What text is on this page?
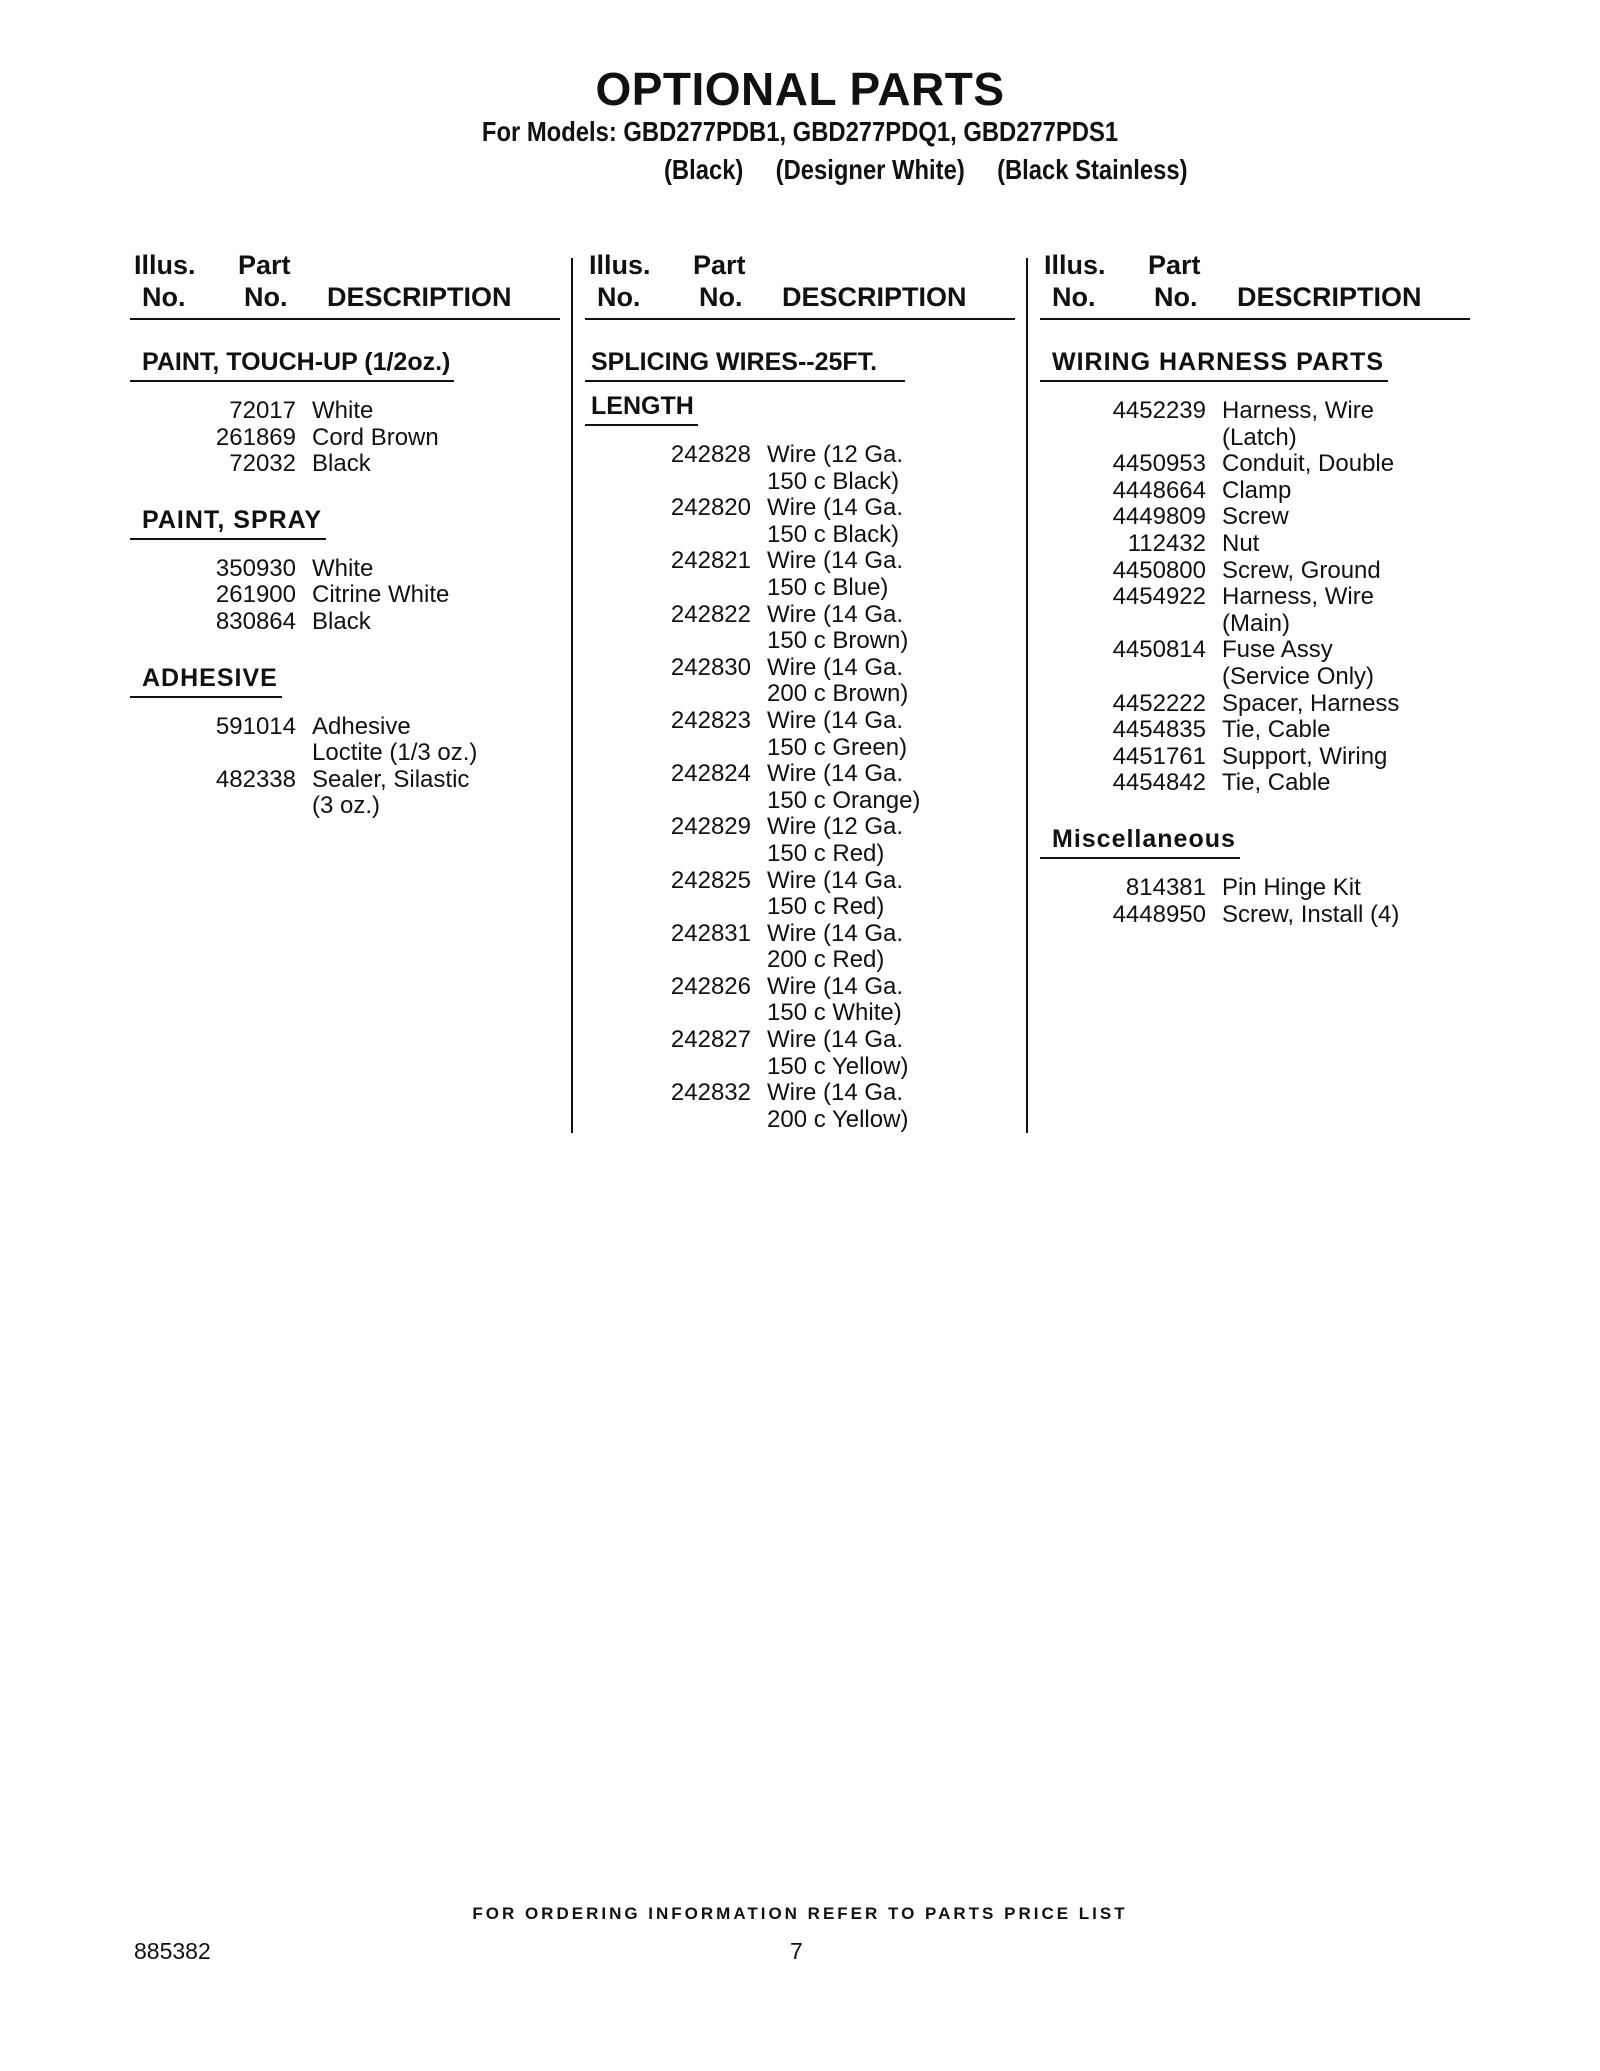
OPTIONAL PARTS
For Models: GBD277PDB1, GBD277PDQ1, GBD277PDS1
(Black) (Designer White) (Black Stainless)
Illus. Part
No. No. DESCRIPTION
PAINT, TOUCH-UP (1/2oz.)
72017 White
261869 Cord Brown
72032 Black
PAINT, SPRAY
350930 White
261900 Citrine White
830864 Black
ADHESIVE
591014 Adhesive
Loctite (1/3 oz.)
482338 Sealer, Silastic
(3 oz.)
Illus. Part
No. No. DESCRIPTION
SPLICING WIRES--25FT.
LENGTH
242828 Wire (12 Ga.
150 c Black)
242820 Wire (14 Ga.
150 c Black)
242821 Wire (14 Ga.
150 c Blue)
242822 Wire (14 Ga.
150 c Brown)
242830 Wire (14 Ga.
200 c Brown)
242823 Wire (14 Ga.
150 c Green)
242824 Wire (14 Ga.
150 c Orange)
242829 Wire (12 Ga.
150 c Red)
242825 Wire (14 Ga.
150 c Red)
242831 Wire (14 Ga.
200 c Red)
242826 Wire (14 Ga.
150 c White)
242827 Wire (14 Ga.
150 c Yellow)
242832 Wire (14 Ga.
200 c Yellow)
Illus. Part
No. No. DESCRIPTION
WIRING HARNESS PARTS
4452239 Harness, Wire
(Latch)
4450953 Conduit, Double
4448664 Clamp
4449809 Screw
112432 Nut
4450800 Screw, Ground
4454922 Harness, Wire
(Main)
4450814 Fuse Assy
(Service Only)
4452222 Spacer, Harness
4454835 Tie, Cable
4451761 Support, Wiring
4454842 Tie, Cable
Miscellaneous
814381 Pin Hinge Kit
4448950 Screw, Install (4)
FOR ORDERING INFORMATION REFER TO PARTS PRICE LIST
885382	7
